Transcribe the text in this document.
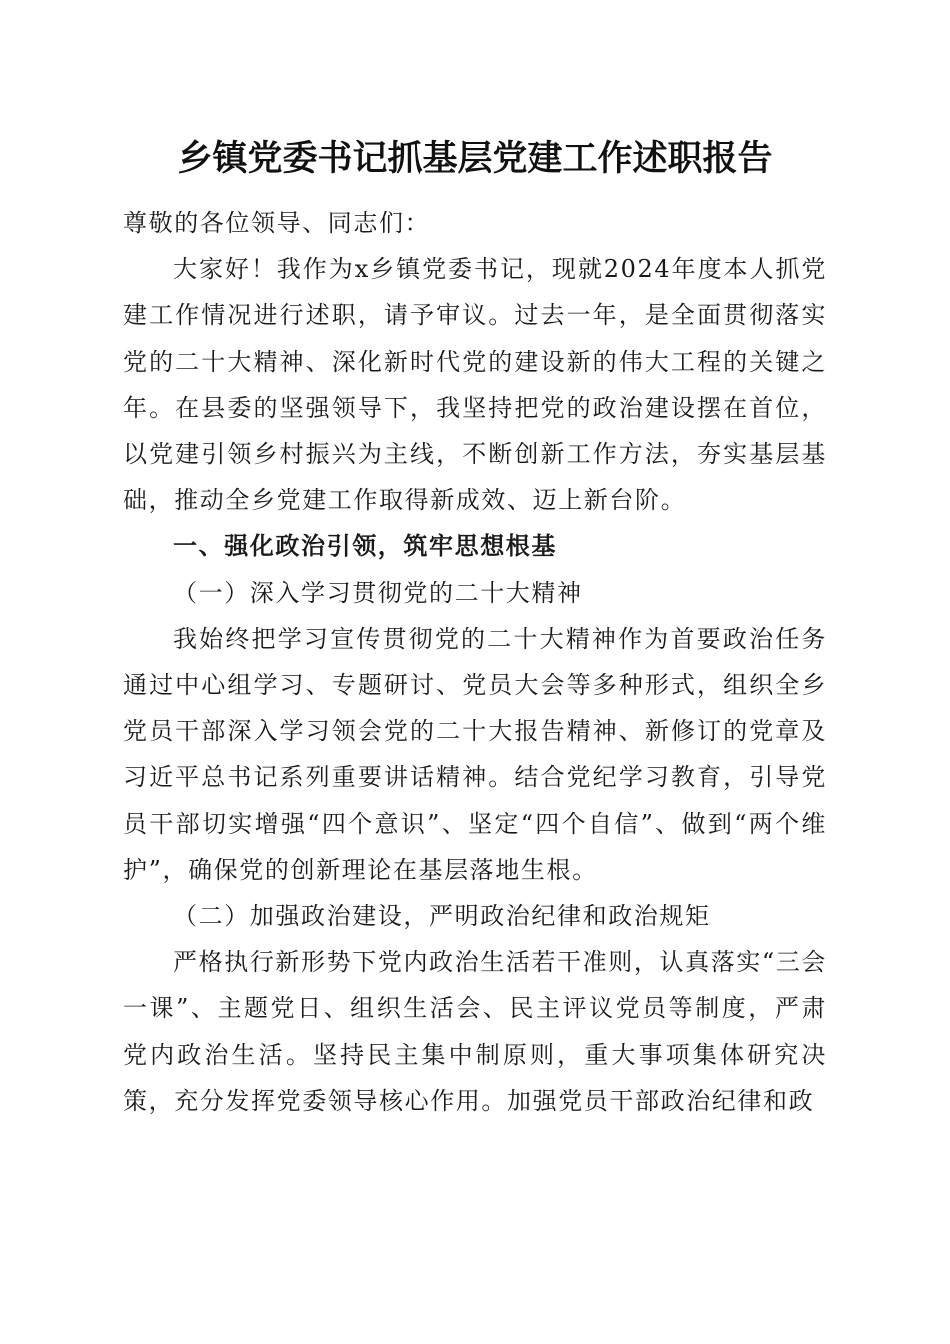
乡镇党委书记抓基层党建工作述职报告

尊敬的各位领导、同志们：

大家好！我作为x乡镇党委书记，现就2024年度本人抓党建工作情况进行述职，请予审议。过去一年，是全面贯彻落实党的二十大精神、深化新时代党的建设新的伟大工程的关键之年。在县委的坚强领导下，我坚持把党的政治建设摆在首位，以党建引领乡村振兴为主线，不断创新工作方法，夯实基层基础，推动全乡党建工作取得新成效、迈上新台阶。

一、强化政治引领，筑牢思想根基

（一）深入学习贯彻党的二十大精神

我始终把学习宣传贯彻党的二十大精神作为首要政治任务通过中心组学习、专题研讨、党员大会等多种形式，组织全乡党员干部深入学习领会党的二十大报告精神、新修订的党章及习近平总书记系列重要讲话精神。结合党纪学习教育，引导党员干部切实增强“四个意识”、坚定“四个自信”、做到“两个维护”，确保党的创新理论在基层落地生根。

（二）加强政治建设，严明政治纪律和政治规矩

严格执行新形势下党内政治生活若干准则，认真落实“三会一课”、主题党日、组织生活会、民主评议党员等制度，严肃党内政治生活。坚持民主集中制原则，重大事项集体研究决策，充分发挥党委领导核心作用。加强党员干部政治纪律和政
